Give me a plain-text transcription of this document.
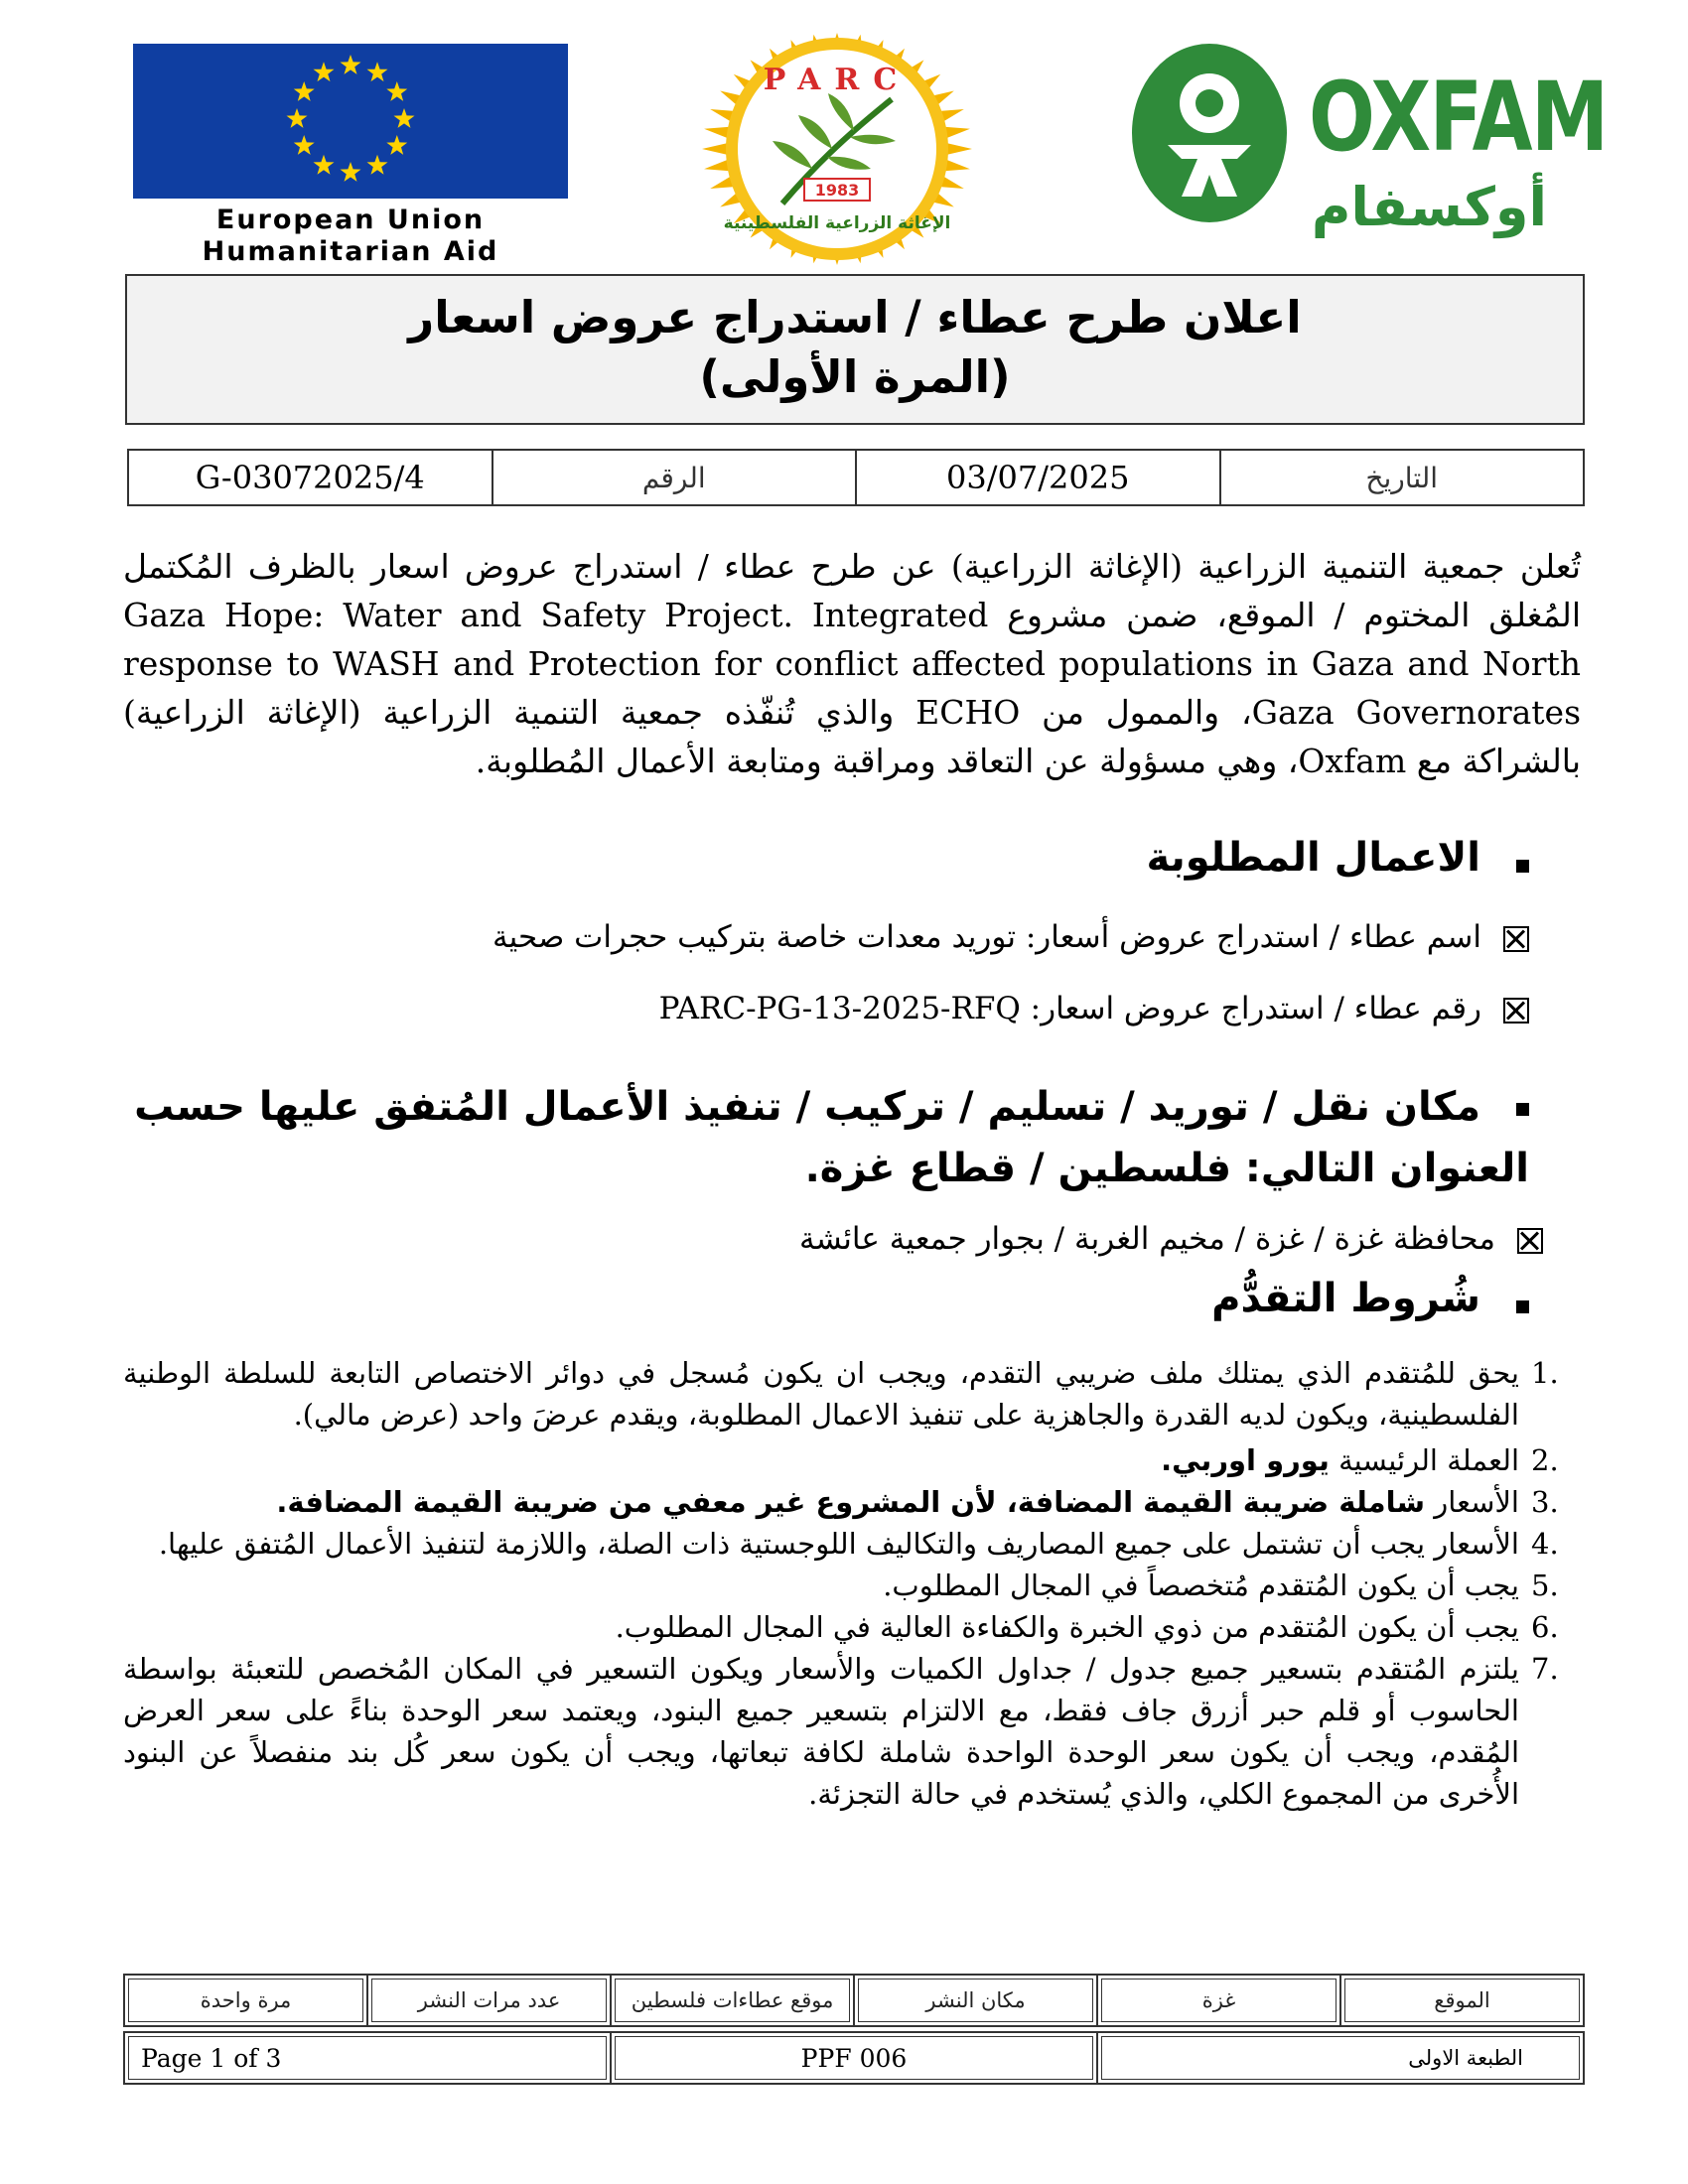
European Union
Humanitarian Aid
PARC
1983
الإغاثة الزراعية الفلسطينية
OXFAM
أوكسفام
اعلان طرح عطاء / استدراج عروض اسعار
(المرة الأولى)
التاريخ	03/07/2025	الرقم	G-03072025/4
تُعلن جمعية التنمية الزراعية (الإغاثة الزراعية) عن طرح عطاء / استدراج عروض اسعار بالظرف المُكتمل المُغلق المختوم / الموقع، ضمن مشروع Gaza Hope: Water and Safety Project. Integrated response to WASH and Protection for conflict affected populations in Gaza and North Gaza Governorates، والممول من ECHO والذي تُنفّذه جمعية التنمية الزراعية (الإغاثة الزراعية) بالشراكة مع Oxfam، وهي مسؤولة عن التعاقد ومراقبة ومتابعة الأعمال المُطلوبة.
الاعمال المطلوبة
اسم عطاء / استدراج عروض أسعار: توريد معدات خاصة بتركيب حجرات صحية
رقم عطاء / استدراج عروض اسعار: PARC-PG-13-2025-RFQ
مكان نقل / توريد / تسليم / تركيب / تنفيذ الأعمال المُتفق عليها حسب العنوان التالي: فلسطين / قطاع غزة.
محافظة غزة / غزة / مخيم الغربة / بجوار جمعية عائشة
شُروط التقدُّم
1.
يحق للمُتقدم الذي يمتلك ملف ضريبي التقدم، ويجب ان يكون مُسجل في دوائر الاختصاص التابعة للسلطة الوطنية الفلسطينية، ويكون لديه القدرة والجاهزية على تنفيذ الاعمال المطلوبة، ويقدم عرضَ واحد (عرض مالي).
2.
العملة الرئيسية يورو اوربي.
3.
الأسعار شاملة ضريبة القيمة المضافة، لأن المشروع غير معفي من ضريبة القيمة المضافة.
4.
الأسعار يجب أن تشتمل على جميع المصاريف والتكاليف اللوجستية ذات الصلة، واللازمة لتنفيذ الأعمال المُتفق عليها.
5.
يجب أن يكون المُتقدم مُتخصصاً في المجال المطلوب.
6.
يجب أن يكون المُتقدم من ذوي الخبرة والكفاءة العالية في المجال المطلوب.
7.
يلتزم المُتقدم بتسعير جميع جدول / جداول الكميات والأسعار ويكون التسعير في المكان المُخصص للتعبئة بواسطة الحاسوب أو قلم حبر أزرق جاف فقط، مع الالتزام بتسعير جميع البنود، ويعتمد سعر الوحدة بناءً على سعر العرض المُقدم، ويجب أن يكون سعر الوحدة الواحدة شاملة لكافة تبعاتها، ويجب أن يكون سعر كُل بند منفصلاً عن البنود الأُخرى من المجموع الكلي، والذي يُستخدم في حالة التجزئة.
الموقع	غزة	مكان النشر	موقع عطاءات فلسطين	عدد مرات النشر	مرة واحدة
الطبعة الاولى	PPF 006	Page 1 of 3
